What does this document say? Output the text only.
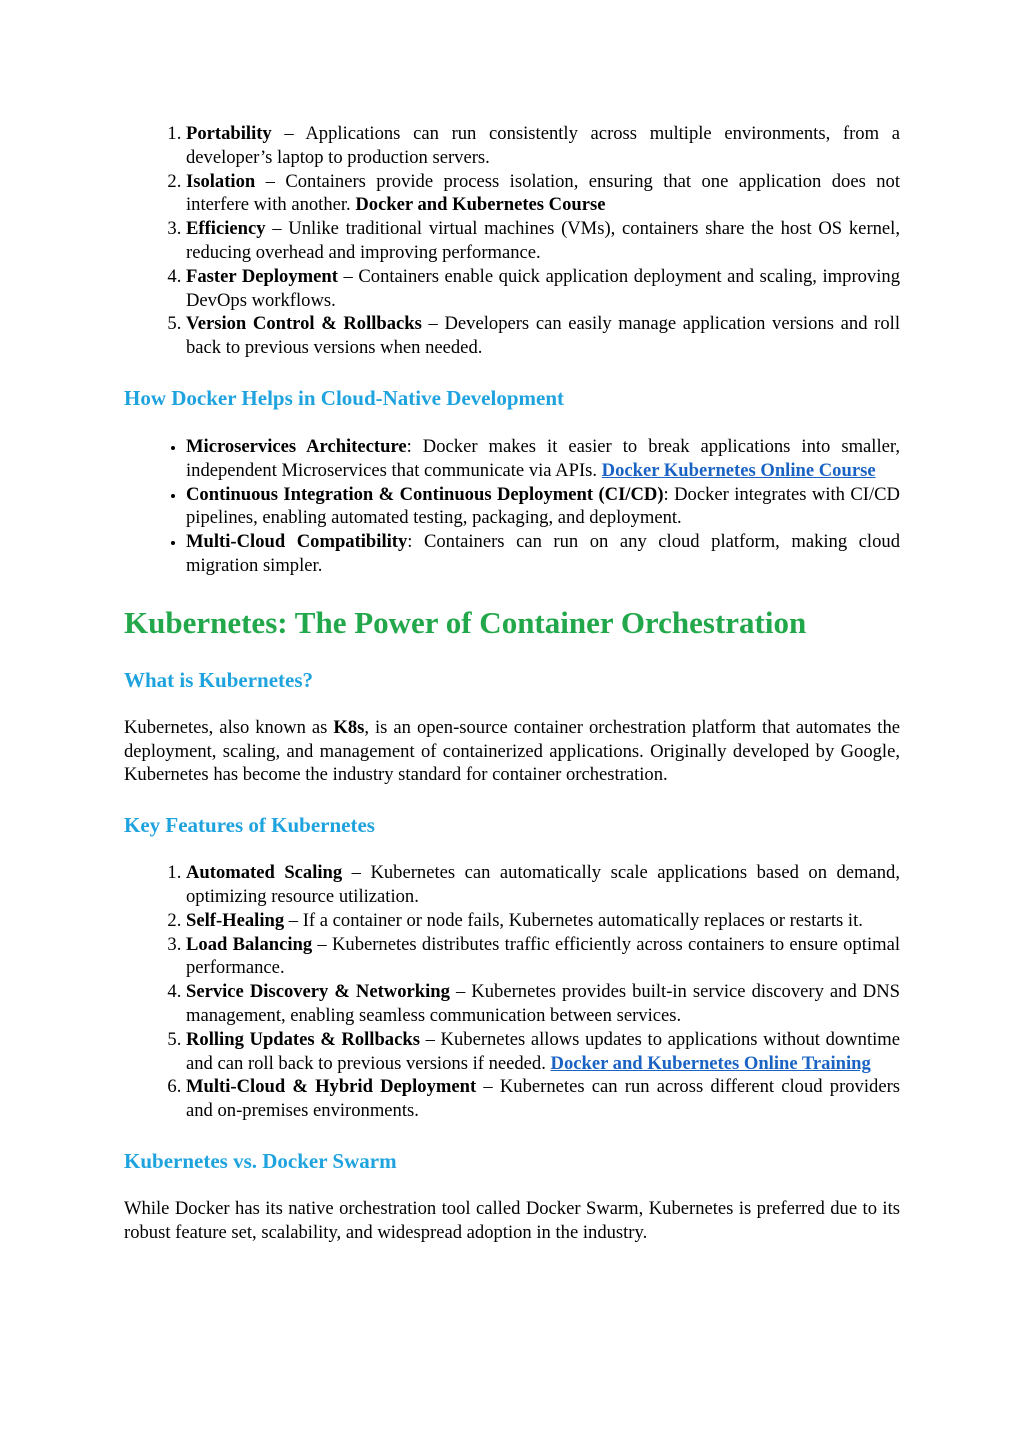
1. Portability – Applications can run consistently across multiple environments, from a developer’s laptop to production servers.
2. Isolation – Containers provide process isolation, ensuring that one application does not interfere with another. Docker and Kubernetes Course
3. Efficiency – Unlike traditional virtual machines (VMs), containers share the host OS kernel, reducing overhead and improving performance.
4. Faster Deployment – Containers enable quick application deployment and scaling, improving DevOps workflows.
5. Version Control & Rollbacks – Developers can easily manage application versions and roll back to previous versions when needed.
How Docker Helps in Cloud-Native Development
• Microservices Architecture: Docker makes it easier to break applications into smaller, independent Microservices that communicate via APIs. Docker Kubernetes Online Course
• Continuous Integration & Continuous Deployment (CI/CD): Docker integrates with CI/CD pipelines, enabling automated testing, packaging, and deployment.
• Multi-Cloud Compatibility: Containers can run on any cloud platform, making cloud migration simpler.
Kubernetes: The Power of Container Orchestration
What is Kubernetes?

Kubernetes, also known as K8s, is an open-source container orchestration platform that automates the deployment, scaling, and management of containerized applications. Originally developed by Google, Kubernetes has become the industry standard for container orchestration.

Key Features of Kubernetes
1. Automated Scaling – Kubernetes can automatically scale applications based on demand, optimizing resource utilization.
2. Self-Healing – If a container or node fails, Kubernetes automatically replaces or restarts it.
3. Load Balancing – Kubernetes distributes traffic efficiently across containers to ensure optimal performance.
4. Service Discovery & Networking – Kubernetes provides built-in service discovery and DNS management, enabling seamless communication between services.
5. Rolling Updates & Rollbacks – Kubernetes allows updates to applications without downtime and can roll back to previous versions if needed. Docker and Kubernetes Online Training
6. Multi-Cloud & Hybrid Deployment – Kubernetes can run across different cloud providers and on-premises environments.
Kubernetes vs. Docker Swarm

While Docker has its native orchestration tool called Docker Swarm, Kubernetes is preferred due to its robust feature set, scalability, and widespread adoption in the industry.
